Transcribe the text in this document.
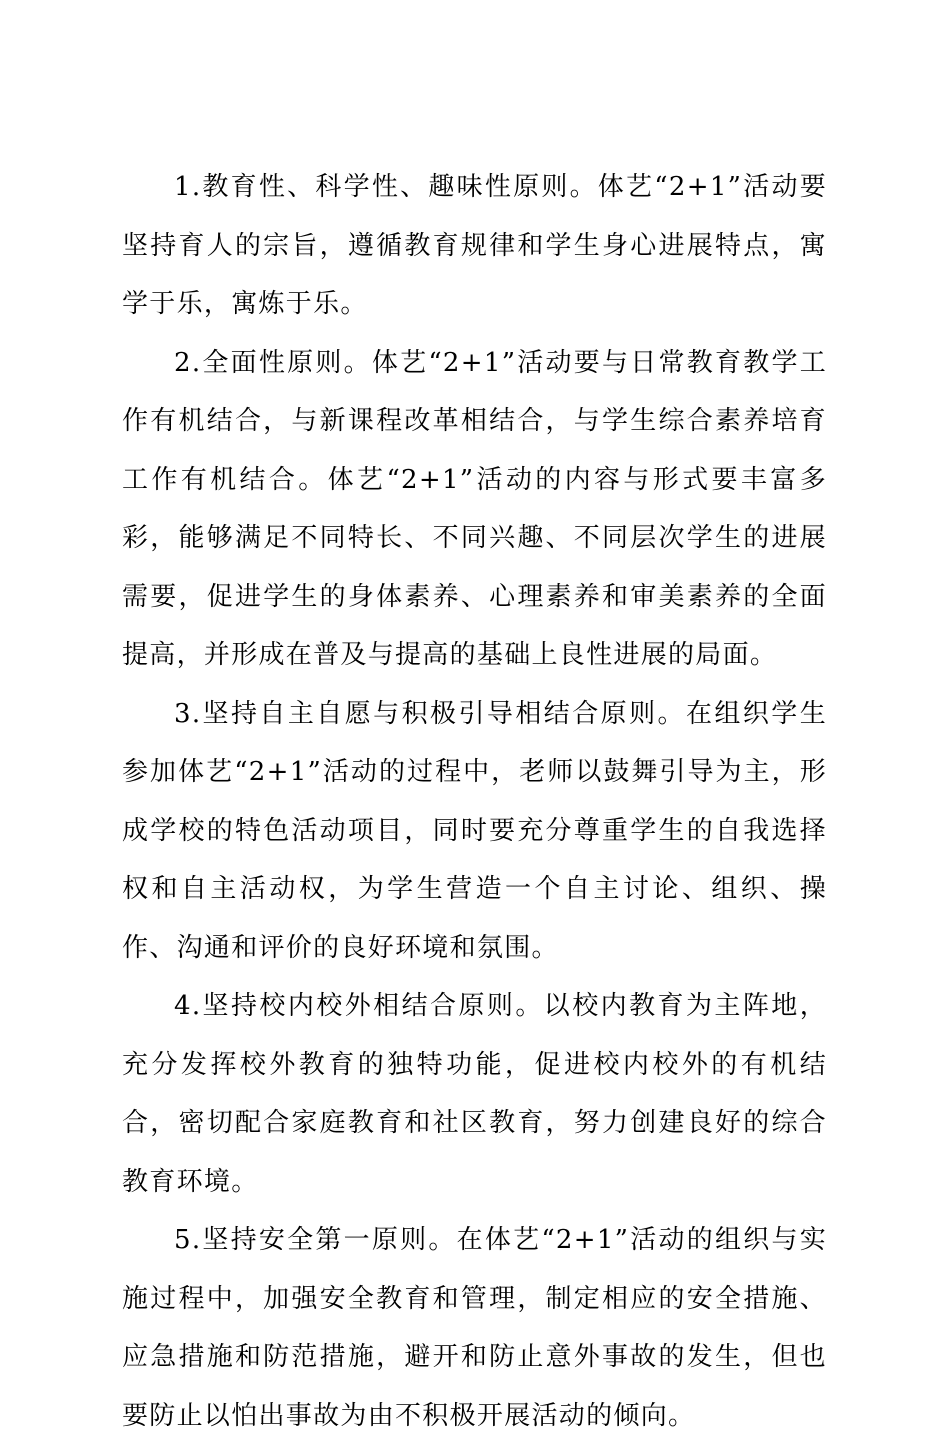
1.教育性、科学性、趣味性原则。体艺“2+1”活动要坚持育人的宗旨，遵循教育规律和学生身心进展特点，寓学于乐，寓炼于乐。

2.全面性原则。体艺“2+1”活动要与日常教育教学工作有机结合，与新课程改革相结合，与学生综合素养培育工作有机结合。体艺“2+1”活动的内容与形式要丰富多彩，能够满足不同特长、不同兴趣、不同层次学生的进展需要，促进学生的身体素养、心理素养和审美素养的全面提高，并形成在普及与提高的基础上良性进展的局面。

3.坚持自主自愿与积极引导相结合原则。在组织学生参加体艺“2+1”活动的过程中，老师以鼓舞引导为主，形成学校的特色活动项目，同时要充分尊重学生的自我选择权和自主活动权，为学生营造一个自主讨论、组织、操作、沟通和评价的良好环境和氛围。

4.坚持校内校外相结合原则。以校内教育为主阵地，充分发挥校外教育的独特功能，促进校内校外的有机结合，密切配合家庭教育和社区教育，努力创建良好的综合教育环境。

5.坚持安全第一原则。在体艺“2+1”活动的组织与实施过程中，加强安全教育和管理，制定相应的安全措施、应急措施和防范措施，避开和防止意外事故的发生，但也要防止以怕出事故为由不积极开展活动的倾向。
